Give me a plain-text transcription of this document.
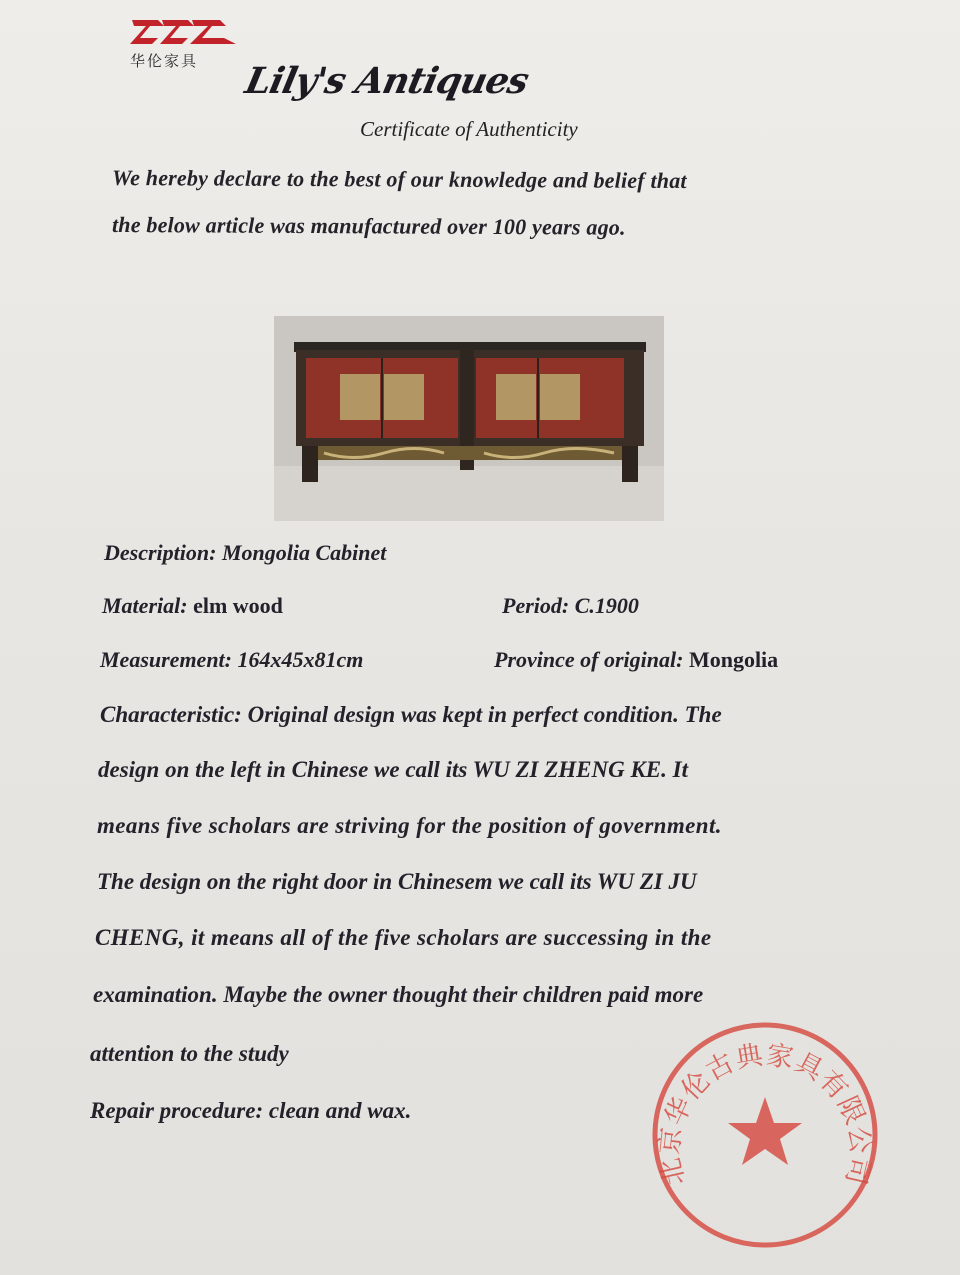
华伦家具 Lily's Antiques
Certificate of Authenticity
We hereby declare to the best of our knowledge and belief that
the below article was manufactured over 100 years ago.
Description: Mongolia Cabinet
Material: elm wood	Period: C.1900
Measurement: 164x45x81cm	Province of original: Mongolia
Characteristic: Original design was kept in perfect condition. The
design on the left in Chinese we call its WU ZI ZHENG KE. It
means five scholars are striving for the position of government.
The design on the right door in Chinesem we call its WU ZI JU
CHENG, it means all of the five scholars are successing in the
examination. Maybe the owner thought their children paid more
attention to the study
Repair procedure: clean and wax.
北京华伦古典家具有限公司
